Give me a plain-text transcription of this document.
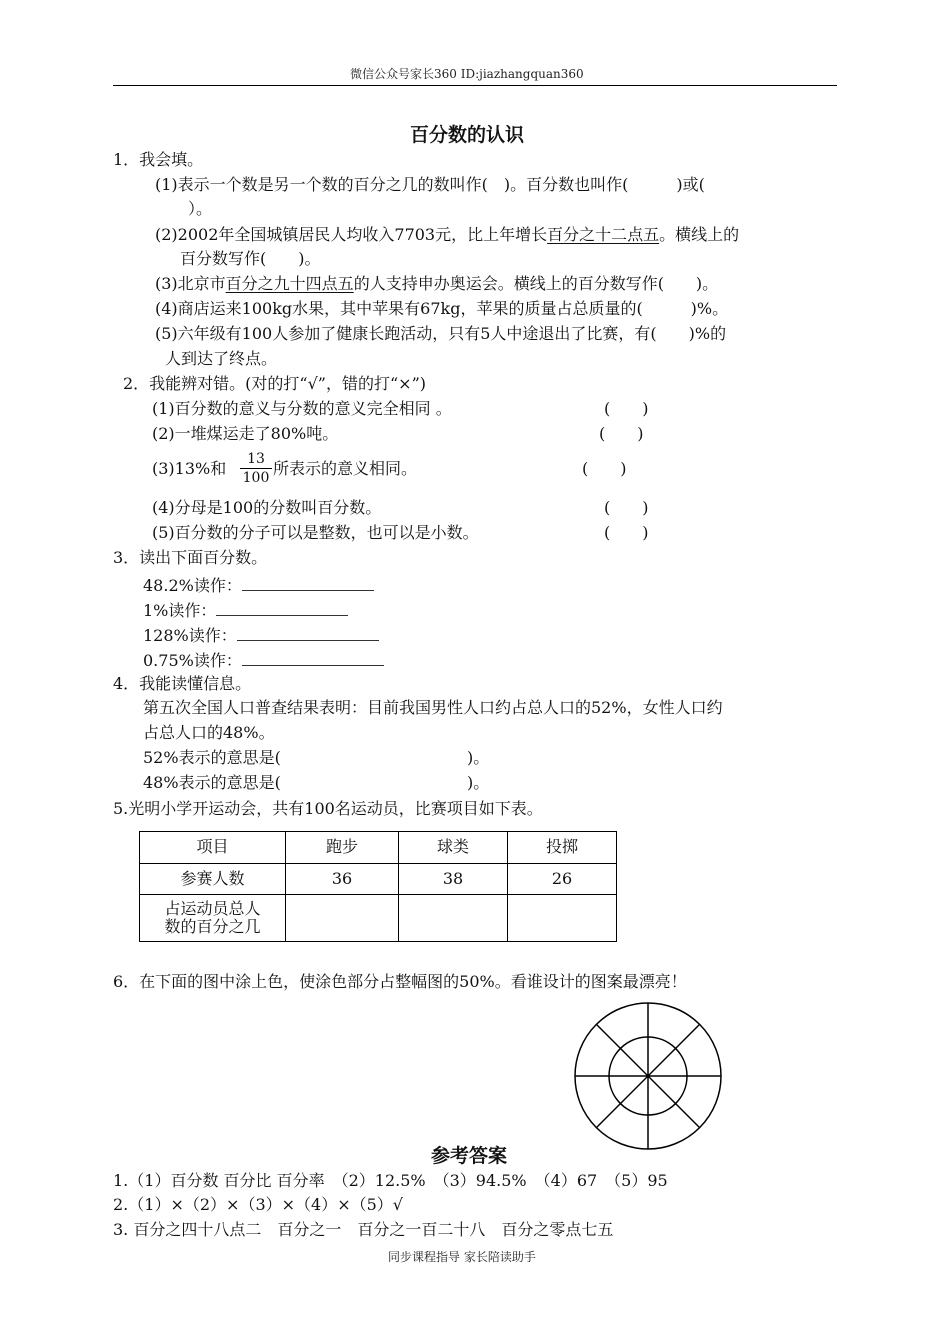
微信公众号家长360 ID:jiazhangquan360
百分数的认识
1．我会填。
(1)表示一个数是另一个数的百分之几的数叫作(　)。百分数也叫作(　　　)或(
）。
(2)2002年全国城镇居民人均收入7703元，比上年增长百分之十二点五。横线上的
百分数写作(　　)。
(3)北京市百分之九十四点五的人支持申办奥运会。横线上的百分数写作(　　)。
(4)商店运来100kg水果，其中苹果有67kg，苹果的质量占总质量的(　　　)%。
(5)六年级有100人参加了健康长跑活动，只有5人中途退出了比赛，有(　　)%的
人到达了终点。
2．我能辨对错。(对的打“√”，错的打“×”)
(1)百分数的意义与分数的意义完全相同 。	(　　)
(2)一堆煤运走了80%吨。	(　　)
(3)13%和	13
100 所表示的意义相同。	(　　)
(4)分母是100的分数叫百分数。	(　　)
(5)百分数的分子可以是整数，也可以是小数。	(　　)
3．读出下面百分数。
48.2%读作：
1%读作：
128%读作：
0.75%读作：
4．我能读懂信息。
第五次全国人口普查结果表明：目前我国男性人口约占总人口的52%，女性人口约
占总人口的48%。
52%表示的意思是(	)。
48%表示的意思是(	)。
5.光明小学开运动会，共有100名运动员，比赛项目如下表。
项目	跑步	球类	投掷
参赛人数	36	38	26

占运动员总人
数的百分之几			

6．在下面的图中涂上色，使涂色部分占整幅图的50%。看谁设计的图案最漂亮！
参考答案
1.（1）百分数 百分比 百分率　（2）12.5%　（3）94.5%　（4）67　（5）95
2.（1）×（2）×（3）×（4）×（5）√
3. 百分之四十八点二　百分之一　百分之一百二十八　百分之零点七五
同步课程指导 家长陪读助手
